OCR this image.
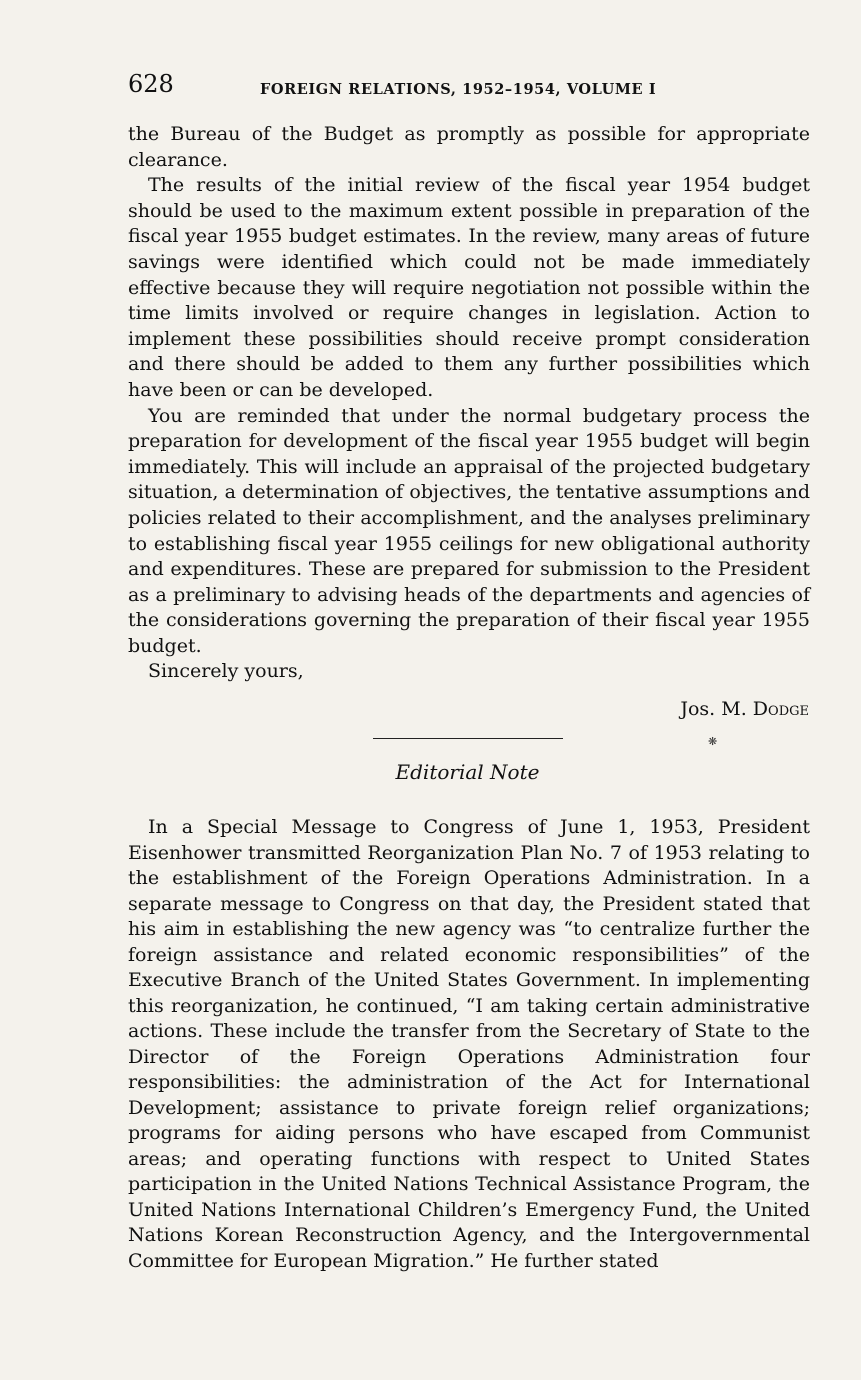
628	FOREIGN RELATIONS, 1952–1954, VOLUME I

the Bureau of the Budget as promptly as possible for appropriate clearance.

The results of the initial review of the fiscal year 1954 budget should be used to the maximum extent possible in preparation of the fiscal year 1955 budget estimates. In the review, many areas of future savings were identified which could not be made immediately effective because they will require negotiation not possible within the time limits involved or require changes in legislation. Action to implement these possibilities should receive prompt consideration and there should be added to them any further possibilities which have been or can be developed.

You are reminded that under the normal budgetary process the preparation for development of the fiscal year 1955 budget will begin immediately. This will include an appraisal of the projected budgetary situation, a determination of objectives, the tentative assumptions and policies related to their accomplishment, and the analyses preliminary to establishing fiscal year 1955 ceilings for new obligational authority and expenditures. These are prepared for submission to the President as a preliminary to advising heads of the departments and agencies of the considerations governing the preparation of their fiscal year 1955 budget.

Sincerely yours,

Jos. M. Dodge
❋
Editorial Note

In a Special Message to Congress of June 1, 1953, President Eisenhower transmitted Reorganization Plan No. 7 of 1953 relating to the establishment of the Foreign Operations Administration. In a separate message to Congress on that day, the President stated that his aim in establishing the new agency was “to centralize further the foreign assistance and related economic responsibilities” of the Executive Branch of the United States Government. In implementing this reorganization, he continued, “I am taking certain administrative actions. These include the transfer from the Secretary of State to the Director of the Foreign Operations Administration four responsibilities: the administration of the Act for International Development; assistance to private foreign relief organizations; programs for aiding persons who have escaped from Communist areas; and operating functions with respect to United States participation in the United Nations Technical Assistance Program, the United Nations International Children’s Emergency Fund, the United Nations Korean Reconstruction Agency, and the Intergovernmental Committee for European Migration.” He further stated
